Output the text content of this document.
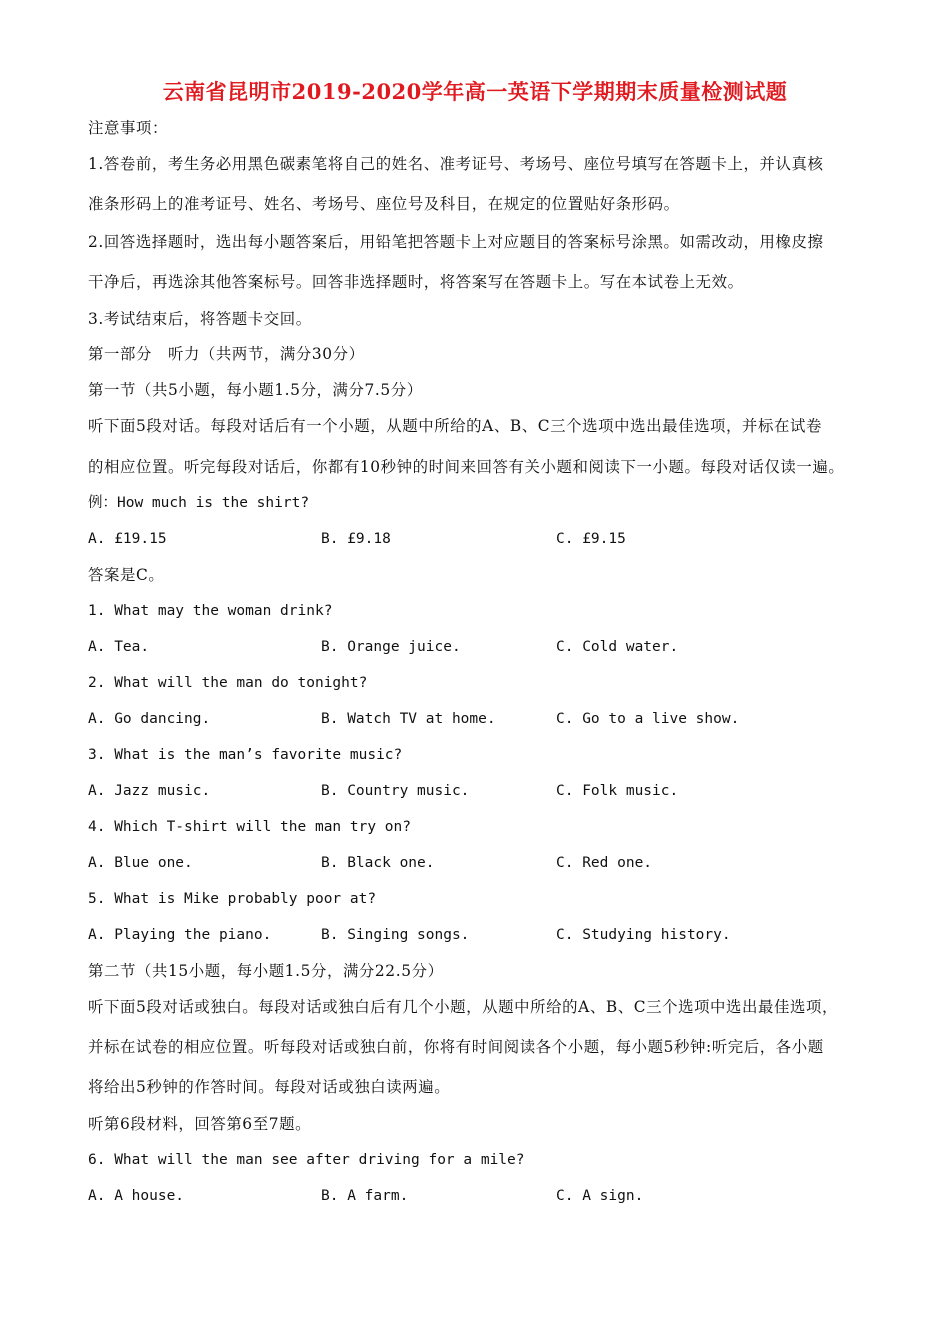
云南省昆明市2019-2020学年高一英语下学期期末质量检测试题
注意事项：
1.答卷前，考生务必用黑色碳素笔将自己的姓名、准考证号、考场号、座位号填写在答题卡上，并认真核
准条形码上的准考证号、姓名、考场号、座位号及科目，在规定的位置贴好条形码。
2.回答选择题时，选出每小题答案后，用铅笔把答题卡上对应题目的答案标号涂黑。如需改动，用橡皮擦
干净后，再选涂其他答案标号。回答非选择题时，将答案写在答题卡上。写在本试卷上无效。
3.考试结束后，将答题卡交回。
第一部分　听力（共两节，满分30分）
第一节（共5小题，每小题1.5分，满分7.5分）
听下面5段对话。每段对话后有一个小题，从题中所给的A、B、C三个选项中选出最佳选项，并标在试卷
的相应位置。听完每段对话后，你都有10秒钟的时间来回答有关小题和阅读下一小题。每段对话仅读一遍。
例：How much is the shirt?
A. £19.15	B. £9.18	C. £9.15
答案是C。
1. What may the woman drink?
A. Tea.	B. Orange juice.	C. Cold water.
2. What will the man do tonight?
A. Go dancing.	B. Watch TV at home.	C. Go to a live show.
3. What is the man’s favorite music?
A. Jazz music.	B. Country music.	C. Folk music.
4. Which T-shirt will the man try on?
A. Blue one.	B. Black one.	C. Red one.
5. What is Mike probably poor at?
A. Playing the piano.	B. Singing songs.	C. Studying history.
第二节（共15小题，每小题1.5分，满分22.5分）
听下面5段对话或独白。每段对话或独白后有几个小题，从题中所给的A、B、C三个选项中选出最佳选项，
并标在试卷的相应位置。听每段对话或独白前，你将有时间阅读各个小题，每小题5秒钟:听完后，各小题
将给出5秒钟的作答时间。每段对话或独白读两遍。
听第6段材料，回答第6至7题。
6. What will the man see after driving for a mile?
A. A house.	B. A farm.	C. A sign.
